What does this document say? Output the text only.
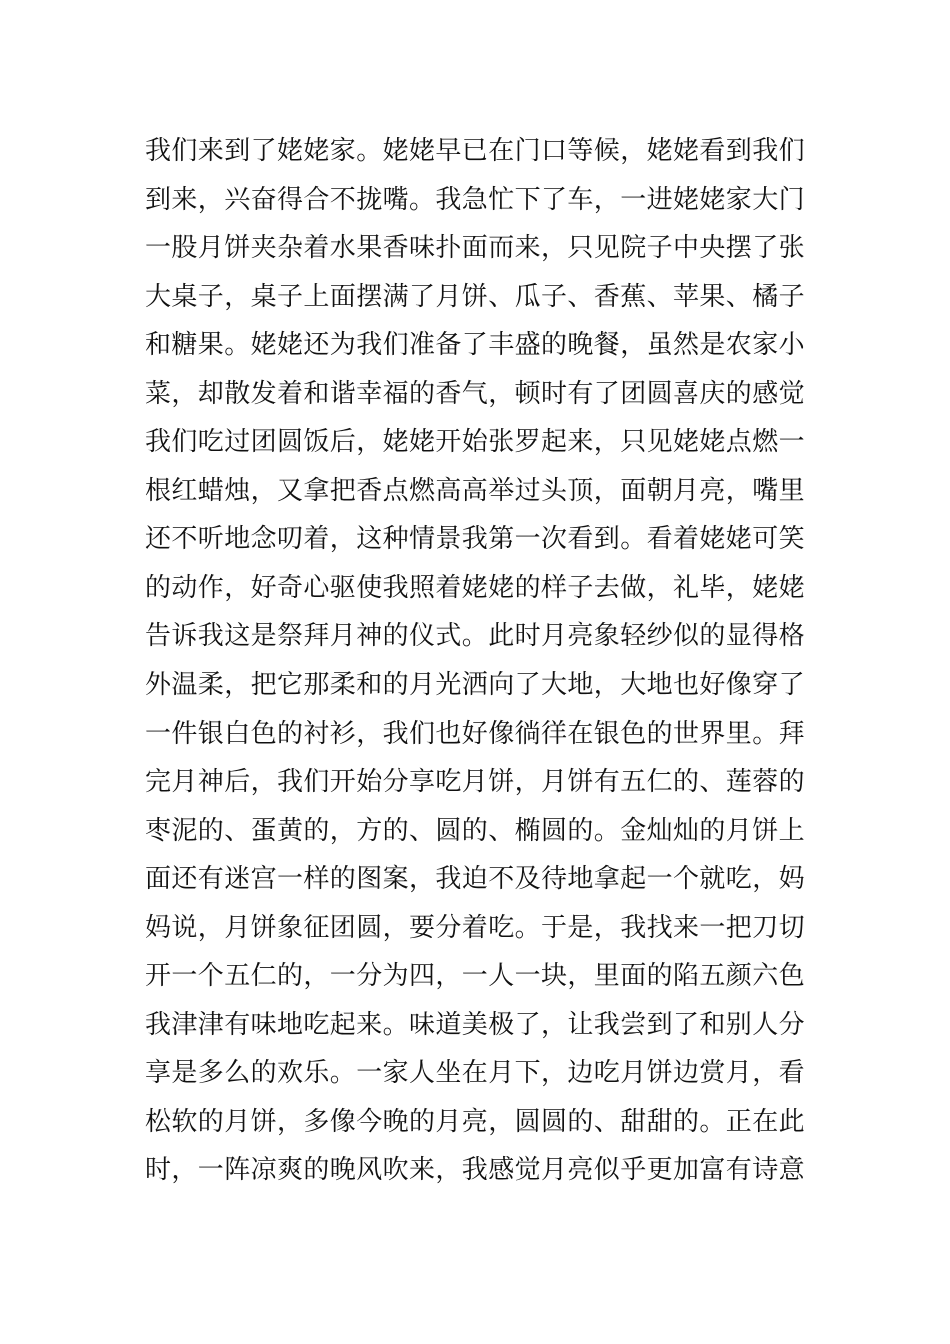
我们来到了姥姥家。姥姥早已在门口等候，姥姥看到我们
到来，兴奋得合不拢嘴。我急忙下了车，一进姥姥家大门
一股月饼夹杂着水果香味扑面而来，只见院子中央摆了张
大桌子，桌子上面摆满了月饼、瓜子、香蕉、苹果、橘子
和糖果。姥姥还为我们准备了丰盛的晚餐，虽然是农家小
菜，却散发着和谐幸福的香气，顿时有了团圆喜庆的感觉
我们吃过团圆饭后，姥姥开始张罗起来，只见姥姥点燃一
根红蜡烛，又拿把香点燃高高举过头顶，面朝月亮，嘴里
还不听地念叨着，这种情景我第一次看到。看着姥姥可笑
的动作，好奇心驱使我照着姥姥的样子去做，礼毕，姥姥
告诉我这是祭拜月神的仪式。此时月亮象轻纱似的显得格
外温柔，把它那柔和的月光洒向了大地，大地也好像穿了
一件银白色的衬衫，我们也好像徜徉在银色的世界里。拜
完月神后，我们开始分享吃月饼，月饼有五仁的、莲蓉的
枣泥的、蛋黄的，方的、圆的、椭圆的。金灿灿的月饼上
面还有迷宫一样的图案，我迫不及待地拿起一个就吃，妈
妈说，月饼象征团圆，要分着吃。于是，我找来一把刀切
开一个五仁的，一分为四，一人一块，里面的陷五颜六色
我津津有味地吃起来。味道美极了，让我尝到了和别人分
享是多么的欢乐。一家人坐在月下，边吃月饼边赏月，看
松软的月饼，多像今晚的月亮，圆圆的、甜甜的。正在此
时，一阵凉爽的晚风吹来，我感觉月亮似乎更加富有诗意
